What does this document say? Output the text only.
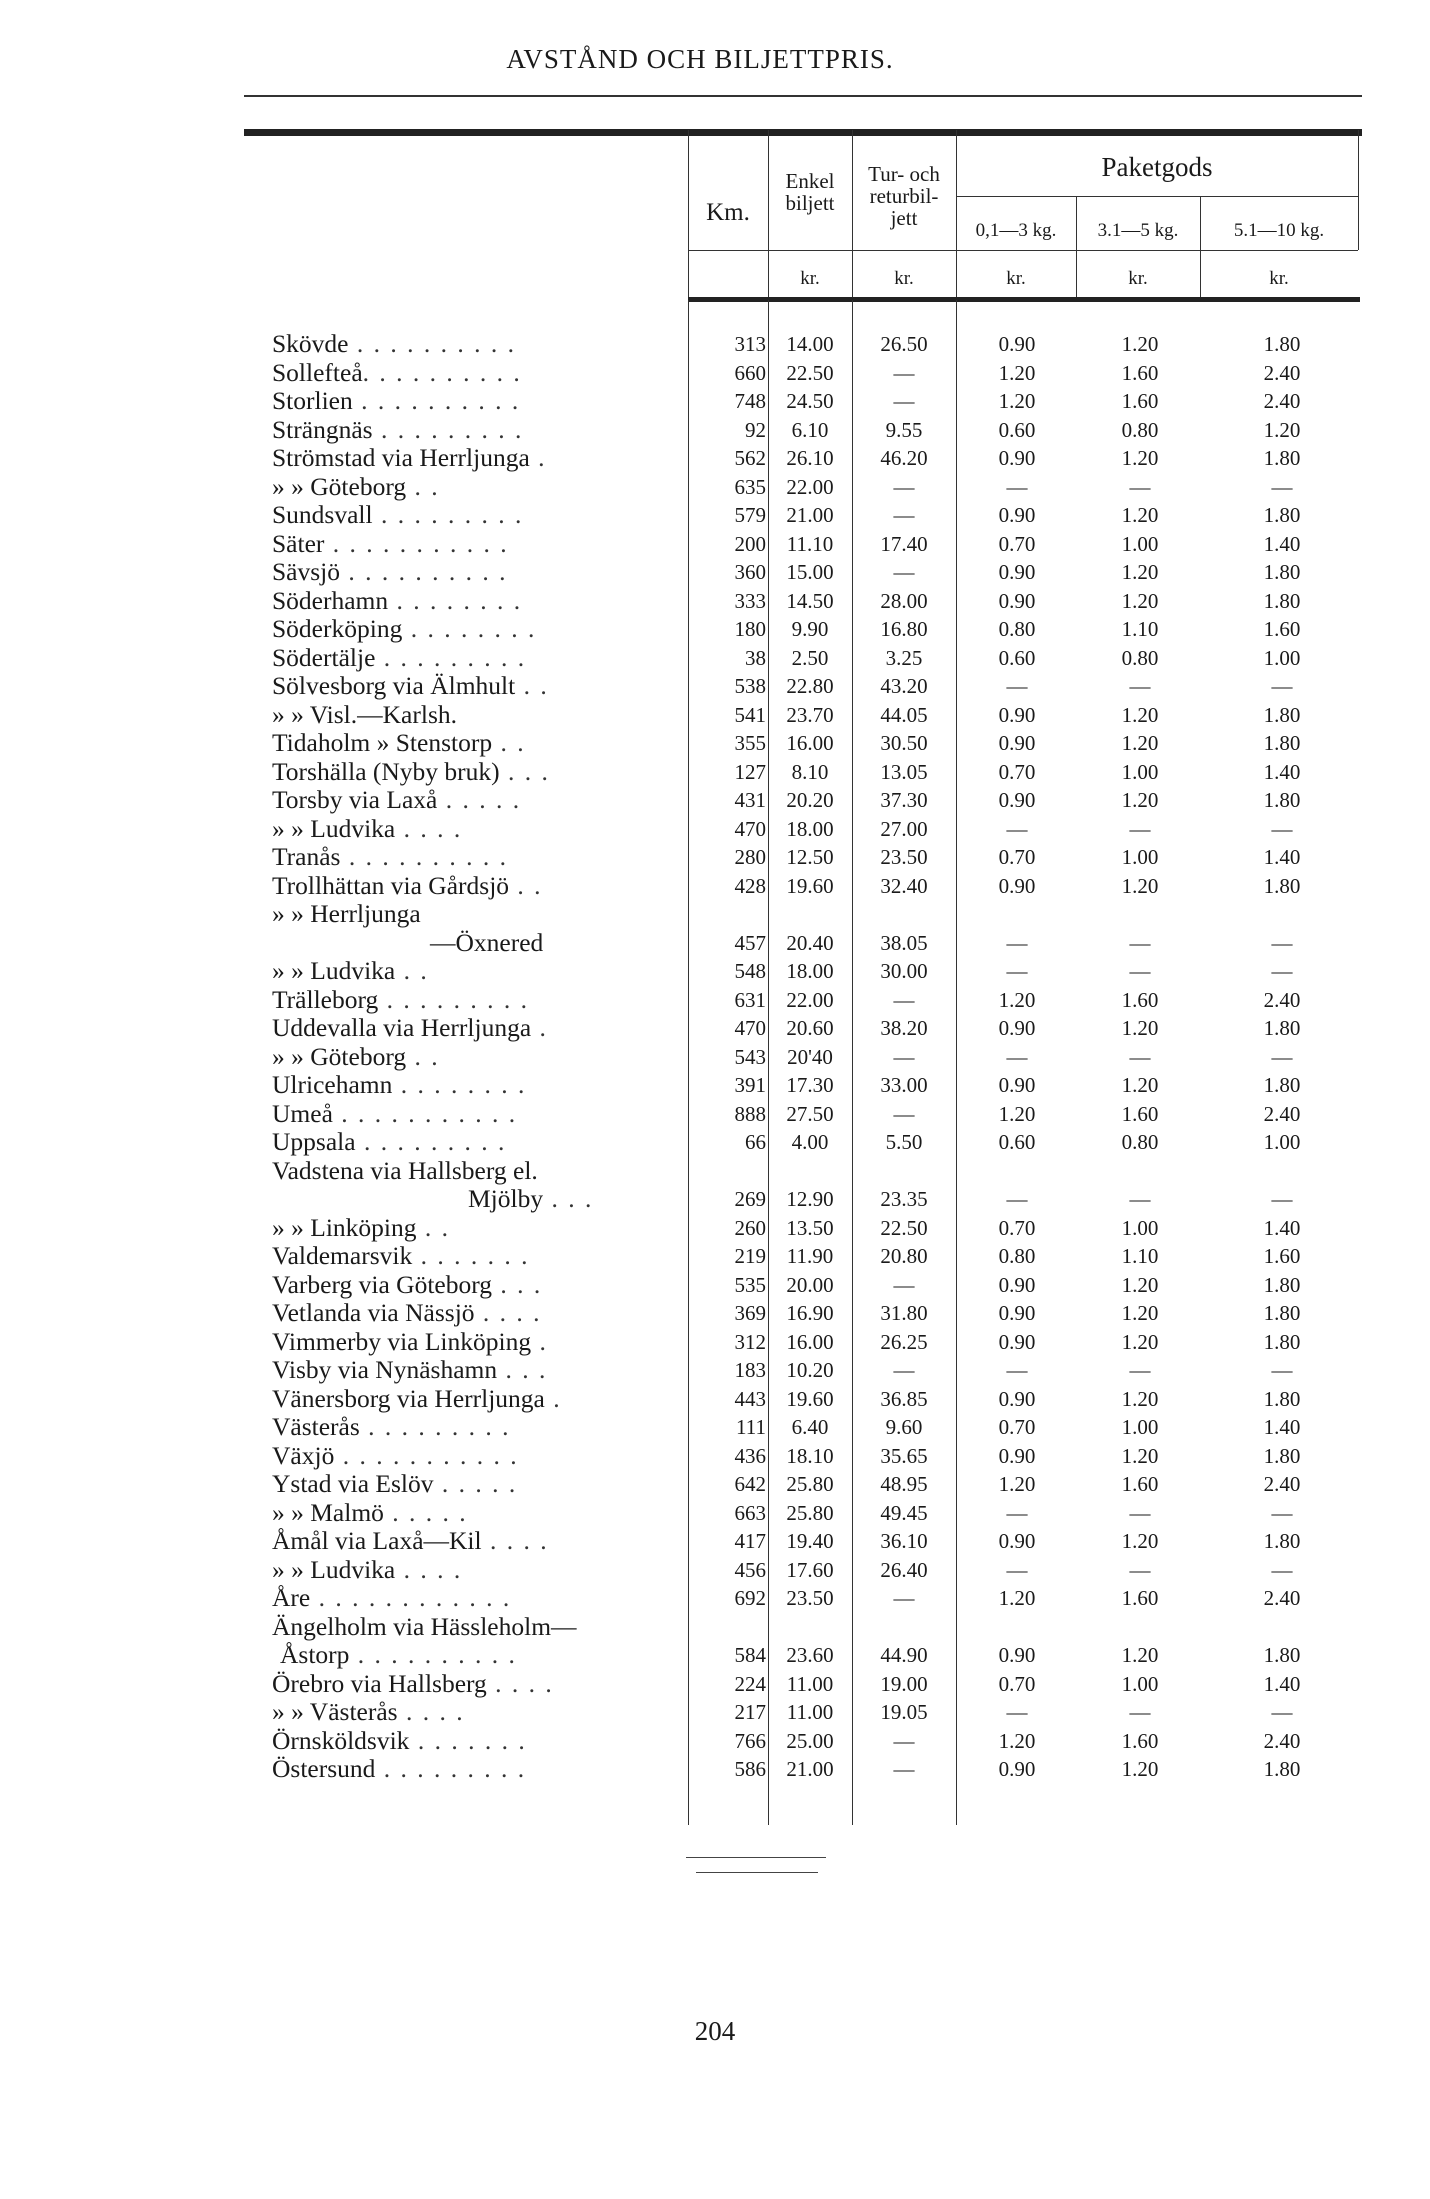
AVSTÅND OCH BILJETTPRIS.
Km.
Enkel
biljett
Tur- och
returbil-
jett
Paketgods
0,1—3 kg.	3.1—5 kg.	5.1—10 kg.
kr.	kr.	kr.	kr.	kr.
Skövde . . . . . . . . . .	313 14.00	26.50	0.90	1.20	1.80
Sollefteå. . . . . . . . . .	660 22.50	—	1.20	1.60	2.40
Storlien . . . . . . . . . .	748 24.50	—	1.20	1.60	2.40
Strängnäs . . . . . . . . .	92	6.10	9.55	0.60	0.80	1.20
Strömstad via Herrljunga .	562 26.10	46.20	0.90	1.20	1.80
» » Göteborg . .	635 22.00	—	—	—	—
Sundsvall . . . . . . . . .	579 21.00	—	0.90	1.20	1.80
Säter . . . . . . . . . . .	200 11.10	17.40	0.70	1.00	1.40
Sävsjö . . . . . . . . . .	360 15.00	—	0.90	1.20	1.80
Söderhamn . . . . . . . .	333 14.50	28.00	0.90	1.20	1.80
Söderköping . . . . . . . .	180	9.90	16.80	0.80	1.10	1.60
Södertälje . . . . . . . . .	38	2.50	3.25	0.60	0.80	1.00
Sölvesborg via Älmhult . .	538 22.80	43.20	—	—	—
» » Visl.—Karlsh.	541 23.70	44.05	0.90	1.20	1.80
Tidaholm » Stenstorp . .	355 16.00	30.50	0.90	1.20	1.80
Torshälla (Nyby bruk) . . .	127	8.10	13.05	0.70	1.00	1.40
Torsby via Laxå . . . . .	431 20.20	37.30	0.90	1.20	1.80
» » Ludvika . . . .	470 18.00	27.00	—	—	—
Tranås . . . . . . . . . .	280 12.50	23.50	0.70	1.00	1.40
Trollhättan via Gårdsjö . .	428 19.60	32.40	0.90	1.20	1.80
» » Herrljunga
—Öxnered	457 20.40	38.05	—	—	—
» » Ludvika . .	548 18.00	30.00	—	—	—
Trälleborg . . . . . . . . .	631 22.00	—	1.20	1.60	2.40
Uddevalla via Herrljunga .	470 20.60	38.20	0.90	1.20	1.80
» » Göteborg . .	543	20'40	—	—	—	—
Ulricehamn . . . . . . . .	391 17.30	33.00	0.90	1.20	1.80
Umeå . . . . . . . . . . .	888 27.50	—	1.20	1.60	2.40
Uppsala . . . . . . . . .	66	4.00	5.50	0.60	0.80	1.00
Vadstena via Hallsberg el.
Mjölby . . .	269 12.90	23.35	—	—	—
» » Linköping . .	260 13.50	22.50	0.70	1.00	1.40
Valdemarsvik . . . . . . .	219 11.90	20.80	0.80	1.10	1.60
Varberg via Göteborg . . .	535 20.00	—	0.90	1.20	1.80
Vetlanda via Nässjö . . . .	369 16.90	31.80	0.90	1.20	1.80
Vimmerby via Linköping .	312 16.00	26.25	0.90	1.20	1.80
Visby via Nynäshamn . . .	183 10.20	—	—	—	—
Vänersborg via Herrljunga .	443 19.60	36.85	0.90	1.20	1.80
Västerås . . . . . . . . .	111	6.40	9.60	0.70	1.00	1.40
Växjö . . . . . . . . . . .	436 18.10	35.65	0.90	1.20	1.80
Ystad via Eslöv . . . . .	642 25.80	48.95	1.20	1.60	2.40
» » Malmö . . . . .	663 25.80	49.45	—	—	—
Åmål via Laxå—Kil . . . .	417 19.40	36.10	0.90	1.20	1.80
» » Ludvika . . . .	456 17.60	26.40	—	—	—
Åre . . . . . . . . . . . .	692 23.50	—	1.20	1.60	2.40
Ängelholm via Hässleholm—
Åstorp . . . . . . . . . .	584 23.60	44.90	0.90	1.20	1.80
Örebro via Hallsberg . . . .	224 11.00	19.00	0.70	1.00	1.40
» » Västerås . . . .	217 11.00	19.05	—	—	—
Örnsköldsvik . . . . . . .	766 25.00	—	1.20	1.60	2.40
Östersund . . . . . . . . .	586 21.00	—	0.90	1.20	1.80
204
